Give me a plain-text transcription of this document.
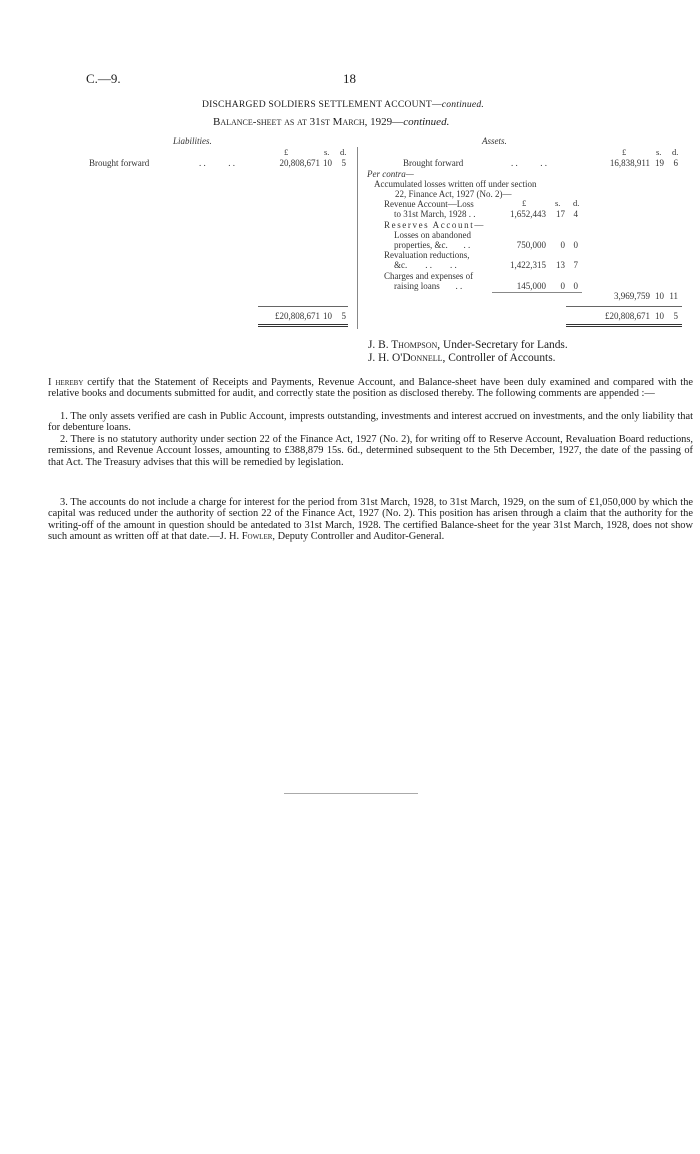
C.—9.	18
DISCHARGED SOLDIERS SETTLEMENT ACCOUNT—continued.
Balance-sheet as at 31st March, 1929—continued.
Liabilities.	Assets.
£	s. d.
Brought forward	. .          . .	20,808,671 10	5
£	s. d.
Brought forward	. .          . .	16,838,911 19	6
Per contra—
Accumulated losses written off under section
22, Finance Act, 1927 (No. 2)—
£	s. d.
Revenue Account—Loss
to 31st March, 1928 . .	1,652,443	17 4
Reserves Account—
Losses on abandoned
properties, &c.       . .	750,000	0 0
Revaluation reductions,
&c.        . .        . .	1,422,315	13 7
Charges and expenses of
raising loans       . .	145,000	0 0
3,969,759 10 11
£20,808,671 10	5	£20,808,671 10	5
J. B. Thompson, Under-Secretary for Lands.
J. H. O'Donnell, Controller of Accounts.
I hereby certify that the Statement of Receipts and Payments, Revenue Account, and Balance-sheet have been duly examined and compared with the relative books and documents submitted for audit, and correctly state the position as disclosed thereby. The following comments are appended :—
1. The only assets verified are cash in Public Account, imprests outstanding, investments and interest accrued on investments, and the only liability that for debenture loans.
2. There is no statutory authority under section 22 of the Finance Act, 1927 (No. 2), for writing off to Reserve Account, Revaluation Board reductions, remissions, and Revenue Account losses, amounting to £388,879 15s. 6d., determined subsequent to the 5th December, 1927, the date of the passing of that Act. The Treasury advises that this will be remedied by legislation.
3. The accounts do not include a charge for interest for the period from 31st March, 1928, to 31st March, 1929, on the sum of £1,050,000 by which the capital was reduced under the authority of section 22 of the Finance Act, 1927 (No. 2). This position has arisen through a claim that the authority for the writing-off of the amount in question should be antedated to 31st March, 1928. The certified Balance-sheet for the year 31st March, 1928, does not show such amount as written off at that date.—J. H. Fowler, Deputy Controller and Auditor-General.
